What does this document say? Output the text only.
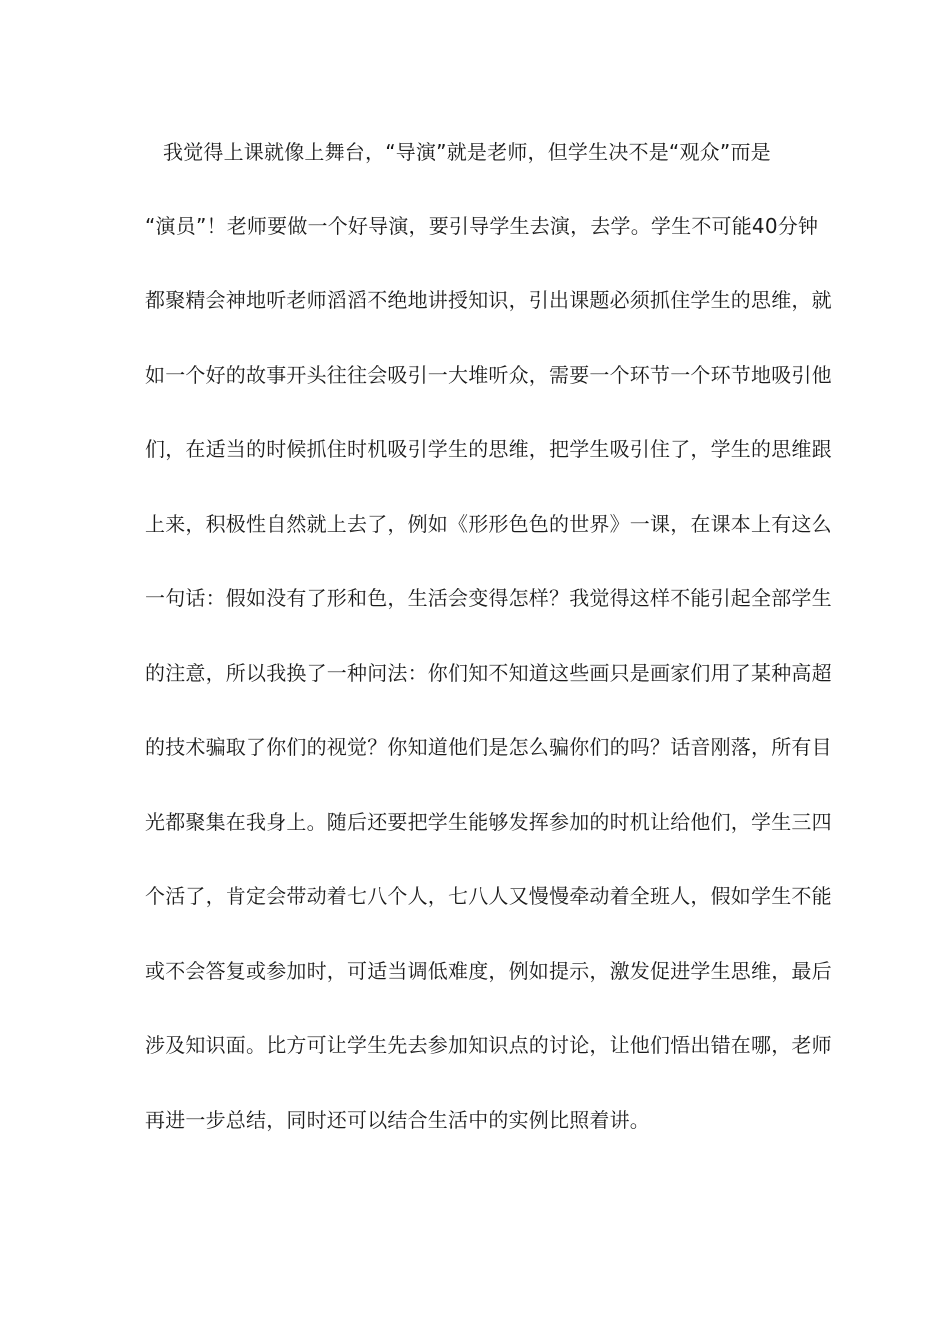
我觉得上课就像上舞台，“导演”就是老师，但学生决不是“观众”而是
“演员”！老师要做一个好导演，要引导学生去演，去学。学生不可能40分钟
都聚精会神地听老师滔滔不绝地讲授知识，引出课题必须抓住学生的思维，就
如一个好的故事开头往往会吸引一大堆听众，需要一个环节一个环节地吸引他
们，在适当的时候抓住时机吸引学生的思维，把学生吸引住了，学生的思维跟
上来，积极性自然就上去了，例如《形形色色的世界》一课，在课本上有这么
一句话：假如没有了形和色，生活会变得怎样？我觉得这样不能引起全部学生
的注意，所以我换了一种问法：你们知不知道这些画只是画家们用了某种高超
的技术骗取了你们的视觉？你知道他们是怎么骗你们的吗？话音刚落，所有目
光都聚集在我身上。随后还要把学生能够发挥参加的时机让给他们，学生三四
个活了，肯定会带动着七八个人，七八人又慢慢牵动着全班人，假如学生不能
或不会答复或参加时，可适当调低难度，例如提示，激发促进学生思维，最后
涉及知识面。比方可让学生先去参加知识点的讨论，让他们悟出错在哪，老师
再进一步总结，同时还可以结合生活中的实例比照着讲。
